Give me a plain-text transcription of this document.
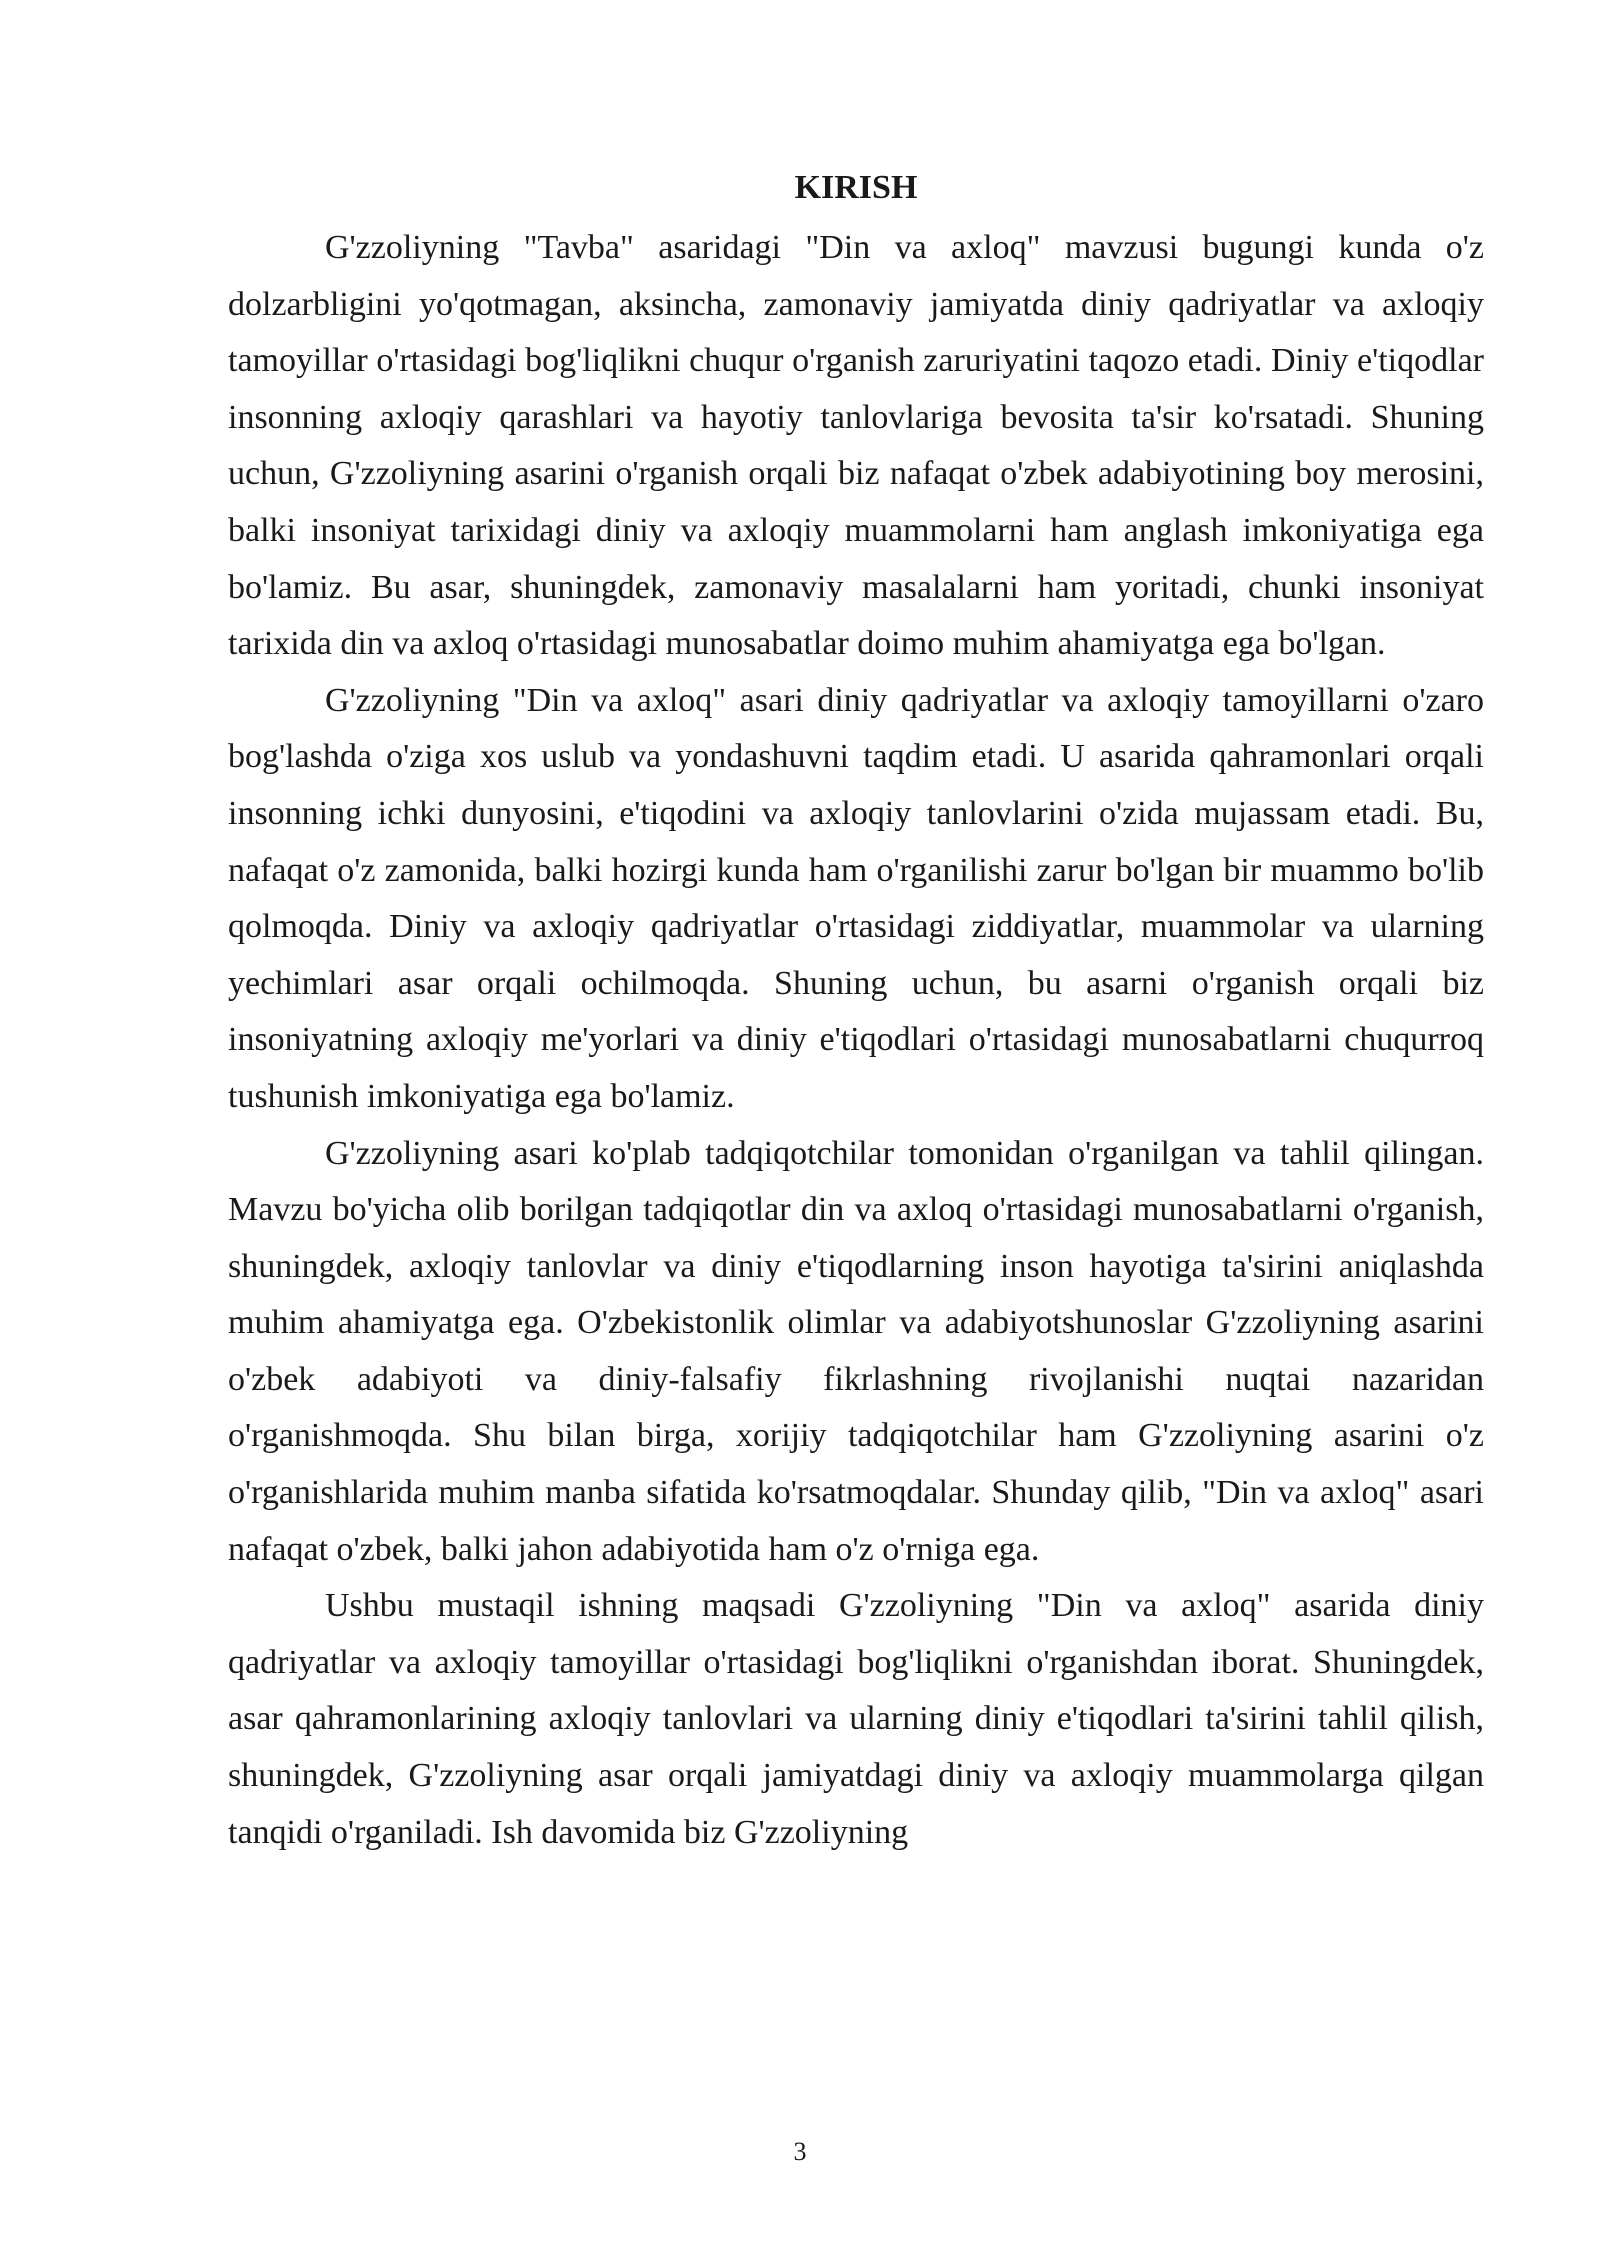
KIRISH

G'zzoliyning "Tavba" asaridagi "Din va axloq" mavzusi bugungi kunda o'z dolzarbligini yo'qotmagan, aksincha, zamonaviy jamiyatda diniy qadriyatlar va axloqiy tamoyillar o'rtasidagi bog'liqlikni chuqur o'rganish zaruriyatini taqozo etadi. Diniy e'tiqodlar insonning axloqiy qarashlari va hayotiy tanlovlariga bevosita ta'sir ko'rsatadi. Shuning uchun, G'zzoliyning asarini o'rganish orqali biz nafaqat o'zbek adabiyotining boy merosini, balki insoniyat tarixidagi diniy va axloqiy muammolarni ham anglash imkoniyatiga ega bo'lamiz. Bu asar, shuningdek, zamonaviy masalalarni ham yoritadi, chunki insoniyat tarixida din va axloq o'rtasidagi munosabatlar doimo muhim ahamiyatga ega bo'lgan.

G'zzoliyning "Din va axloq" asari diniy qadriyatlar va axloqiy tamoyillarni o'zaro bog'lashda o'ziga xos uslub va yondashuvni taqdim etadi. U asarida qahramonlari orqali insonning ichki dunyosini, e'tiqodini va axloqiy tanlovlarini o'zida mujassam etadi. Bu, nafaqat o'z zamonida, balki hozirgi kunda ham o'rganilishi zarur bo'lgan bir muammo bo'lib qolmoqda. Diniy va axloqiy qadriyatlar o'rtasidagi ziddiyatlar, muammolar va ularning yechimlari asar orqali ochilmoqda. Shuning uchun, bu asarni o'rganish orqali biz insoniyatning axloqiy me'yorlari va diniy e'tiqodlari o'rtasidagi munosabatlarni chuqurroq tushunish imkoniyatiga ega bo'lamiz.

G'zzoliyning asari ko'plab tadqiqotchilar tomonidan o'rganilgan va tahlil qilingan. Mavzu bo'yicha olib borilgan tadqiqotlar din va axloq o'rtasidagi munosabatlarni o'rganish, shuningdek, axloqiy tanlovlar va diniy e'tiqodlarning inson hayotiga ta'sirini aniqlashda muhim ahamiyatga ega. O'zbekistonlik olimlar va adabiyotshunoslar G'zzoliyning asarini o'zbek adabiyoti va diniy-falsafiy fikrlashning rivojlanishi nuqtai nazaridan o'rganishmoqda. Shu bilan birga, xorijiy tadqiqotchilar ham G'zzoliyning asarini o'z o'rganishlarida muhim manba sifatida ko'rsatmoqdalar. Shunday qilib, "Din va axloq" asari nafaqat o'zbek, balki jahon adabiyotida ham o'z o'rniga ega.

Ushbu mustaqil ishning maqsadi G'zzoliyning "Din va axloq" asarida diniy qadriyatlar va axloqiy tamoyillar o'rtasidagi bog'liqlikni o'rganishdan iborat. Shuningdek, asar qahramonlarining axloqiy tanlovlari va ularning diniy e'tiqodlari ta'sirini tahlil qilish, shuningdek, G'zzoliyning asar orqali jamiyatdagi diniy va axloqiy muammolarga qilgan tanqidi o'rganiladi. Ish davomida biz G'zzoliyning

3
